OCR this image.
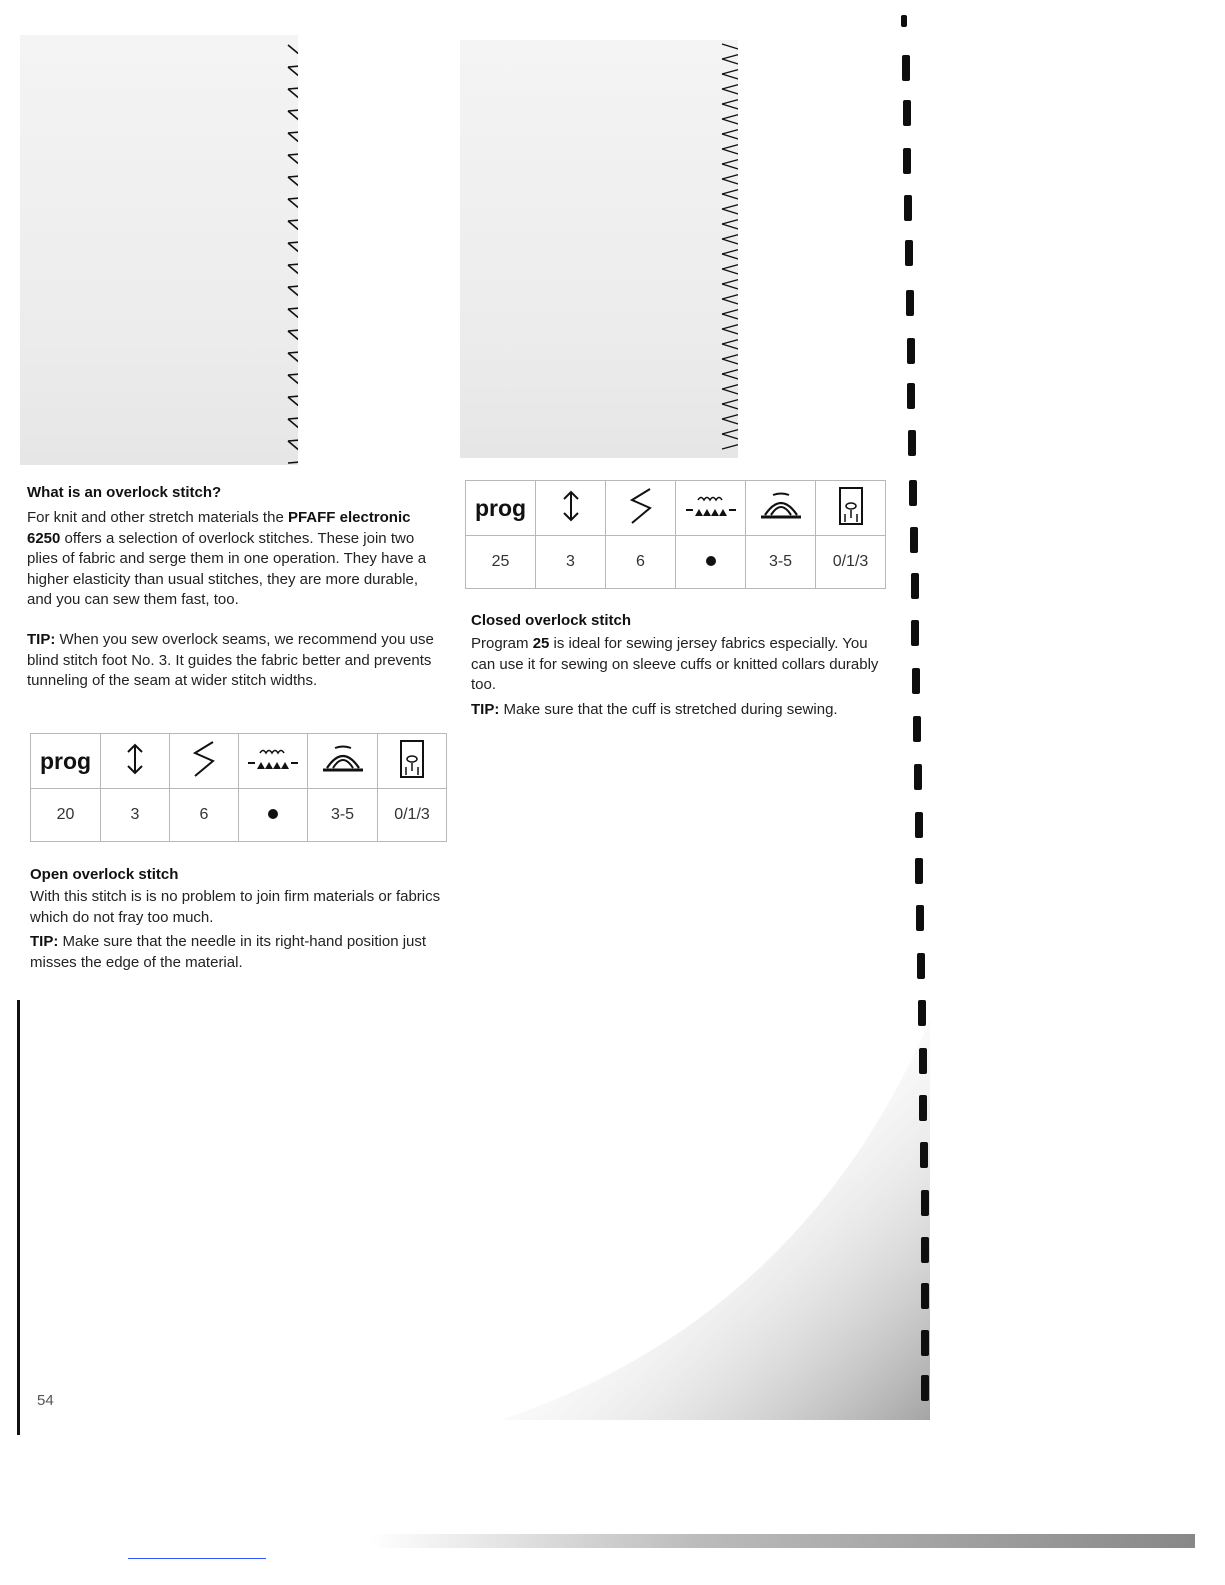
What is an overlock stitch?

For knit and other stretch materials the PFAFF electronic 6250 offers a selection of overlock stitches. These join two plies of fabric and serge them in one operation. They have a higher elasticity than usual stitches, they are more durable, and you can sew them fast, too.

TIP: When you sew overlock seams, we recommend you use blind stitch foot No. 3. It guides the fabric better and prevents tunneling of the seam at wider stitch widths.

prog					
20	3	6		3-5	0/1/3
Open overlock stitch

With this stitch is is no problem to join firm materials or fabrics which do not fray too much.

TIP: Make sure that the needle in its right-hand position just misses the edge of the material.

54
prog					
25	3	6		3-5	0/1/3
Closed overlock stitch

Program 25 is ideal for sewing jersey fabrics especially. You can use it for sewing on sleeve cuffs or knitted collars durably too.

TIP: Make sure that the cuff is stretched during sewing.
